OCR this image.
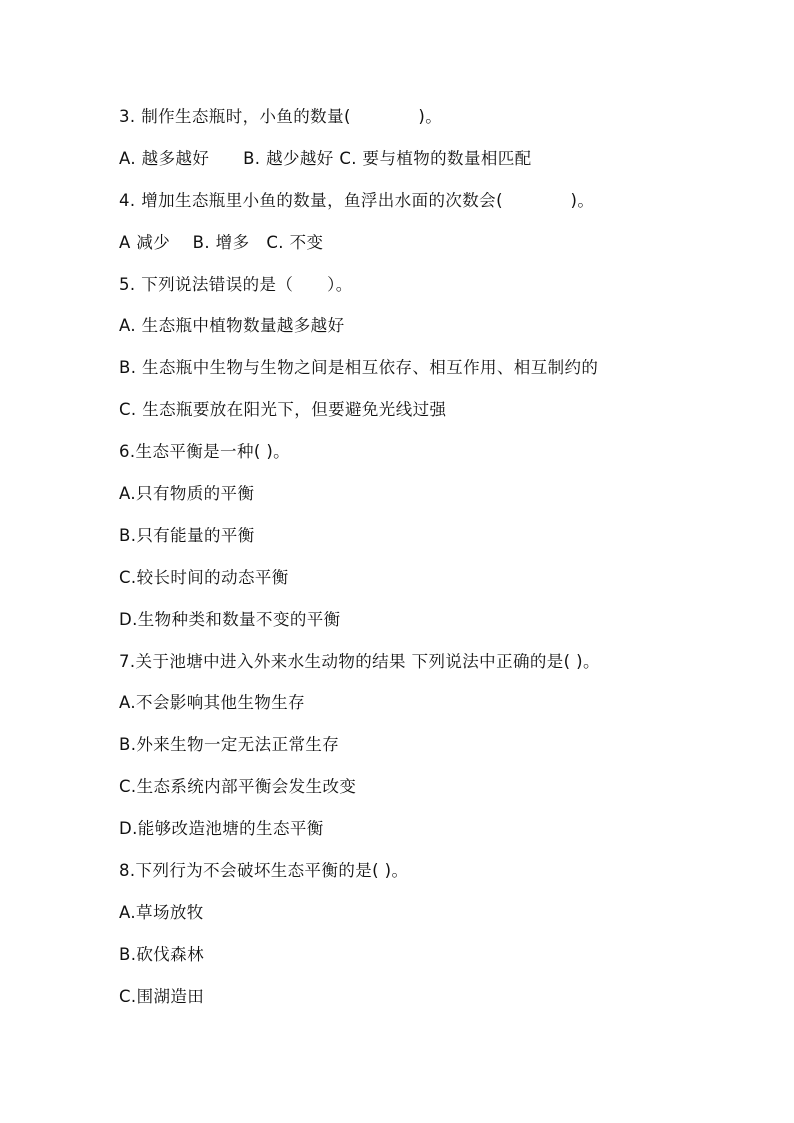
3. 制作生态瓶时，小鱼的数量(　　　　)。
A. 越多越好　　B. 越少越好 C. 要与植物的数量相匹配
4. 增加生态瓶里小鱼的数量，鱼浮出水面的次数会(　　　　)。
A 减少　 B. 增多　C. 不变
5. 下列说法错误的是（　　）。
A. 生态瓶中植物数量越多越好
B. 生态瓶中生物与生物之间是相互依存、相互作用、相互制约的
C. 生态瓶要放在阳光下，但要避免光线过强
6.生态平衡是一种( )。
A.只有物质的平衡
B.只有能量的平衡
C.较长时间的动态平衡
D.生物种类和数量不变的平衡
7.关于池塘中进入外来水生动物的结果 下列说法中正确的是( )。
A.不会影响其他生物生存
B.外来生物一定无法正常生存
C.生态系统内部平衡会发生改变
D.能够改造池塘的生态平衡
8.下列行为不会破坏生态平衡的是( )。
A.草场放牧
B.砍伐森林
C.围湖造田
